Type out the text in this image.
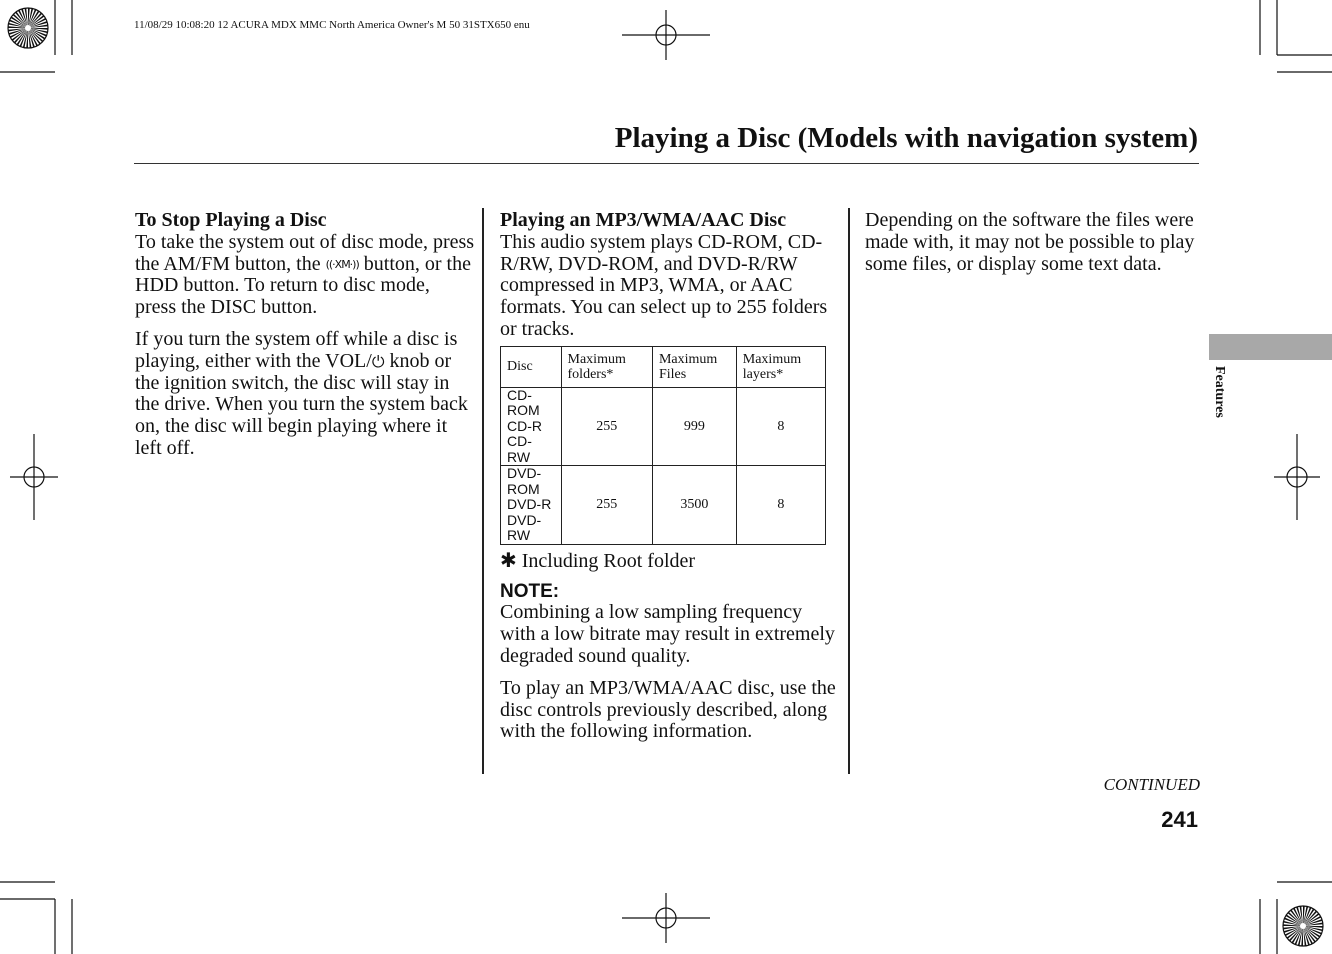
11/08/29 10:08:20 12 ACURA MDX MMC North America Owner's M 50 31STX650 enu
Playing a Disc (Models with navigation system)
To Stop Playing a Disc

To take the system out of disc mode, press the AM/FM button, the ((·XM·)) button, or the HDD button. To return to disc mode, press the DISC button.

If you turn the system off while a disc is playing, either with the VOL/⏻ knob or the ignition switch, the disc will stay in the drive. When you turn the system back on, the disc will begin playing where it left off.

Playing an MP3/WMA/AAC Disc

This audio system plays CD-ROM, CD-R/RW, DVD-ROM, and DVD-R/RW compressed in MP3, WMA, or AAC formats. You can select up to 255 folders or tracks.

Disc	Maximum folders*	Maximum Files	Maximum layers*

CD-ROM
CD-R
CD-RW	255	999	8

DVD-ROM
DVD-R
DVD-RW	255	3500	8

✱ Including Root folder

NOTE:

Combining a low sampling frequency with a low bitrate may result in extremely degraded sound quality.

To play an MP3/WMA/AAC disc, use the disc controls previously described, along with the following information.

Depending on the software the files were made with, it may not be possible to play some files, or display some text data.

Features
CONTINUED
241
